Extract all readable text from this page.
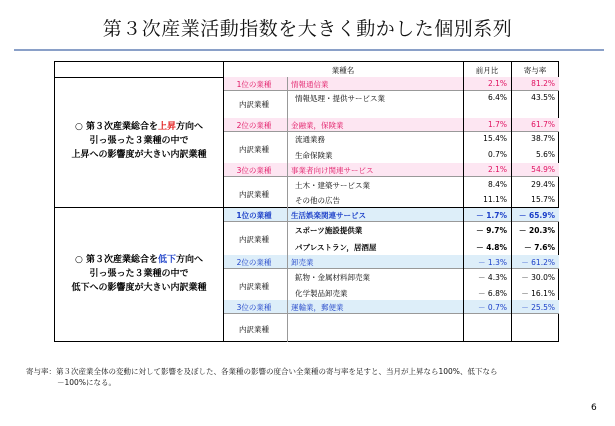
第３次産業活動指数を大きく動かした個別系列
業種名	前月比	寄与率
○ 第３次産業総合を上昇方向へ
引っ張った３業種の中で
上昇への影響度が大きい内訳業種
1位の業種	情報通信業	2.1%	81.2%
内訳業種
情報処理・提供サービス業	6.4%	43.5%
2位の業種	金融業，保険業	1.7%	61.7%
内訳業種
流通業務	15.4%	38.7%
生命保険業	0.7%	5.6%
3位の業種	事業者向け関連サービス	2.1%	54.9%
内訳業種
土木・建築サービス業	8.4%	29.4%
その他の広告	11.1%	15.7%
○ 第３次産業総合を低下方向へ
引っ張った３業種の中で
低下への影響度が大きい内訳業種
1位の業種	生活娯楽関連サービス	－ 1.7%	－ 65.9%
内訳業種
スポーツ施設提供業	－ 9.7%	－ 20.3%
パブレストラン，居酒屋	－ 4.8%	－ 7.6%
2位の業種	卸売業	－ 1.3%	－ 61.2%
内訳業種
鉱物・金属材料卸売業	－ 4.3%	－ 30.0%
化学製品卸売業	－ 6.8%	－ 16.1%
3位の業種	運輸業，郵便業	－ 0.7%	－ 25.5%
内訳業種
寄与率：第３次産業全体の変動に対して影響を及ぼした、各業種の影響の度合い全業種の寄与率を足すと、当月が上昇なら100%、低下なら
－100%になる。
6
